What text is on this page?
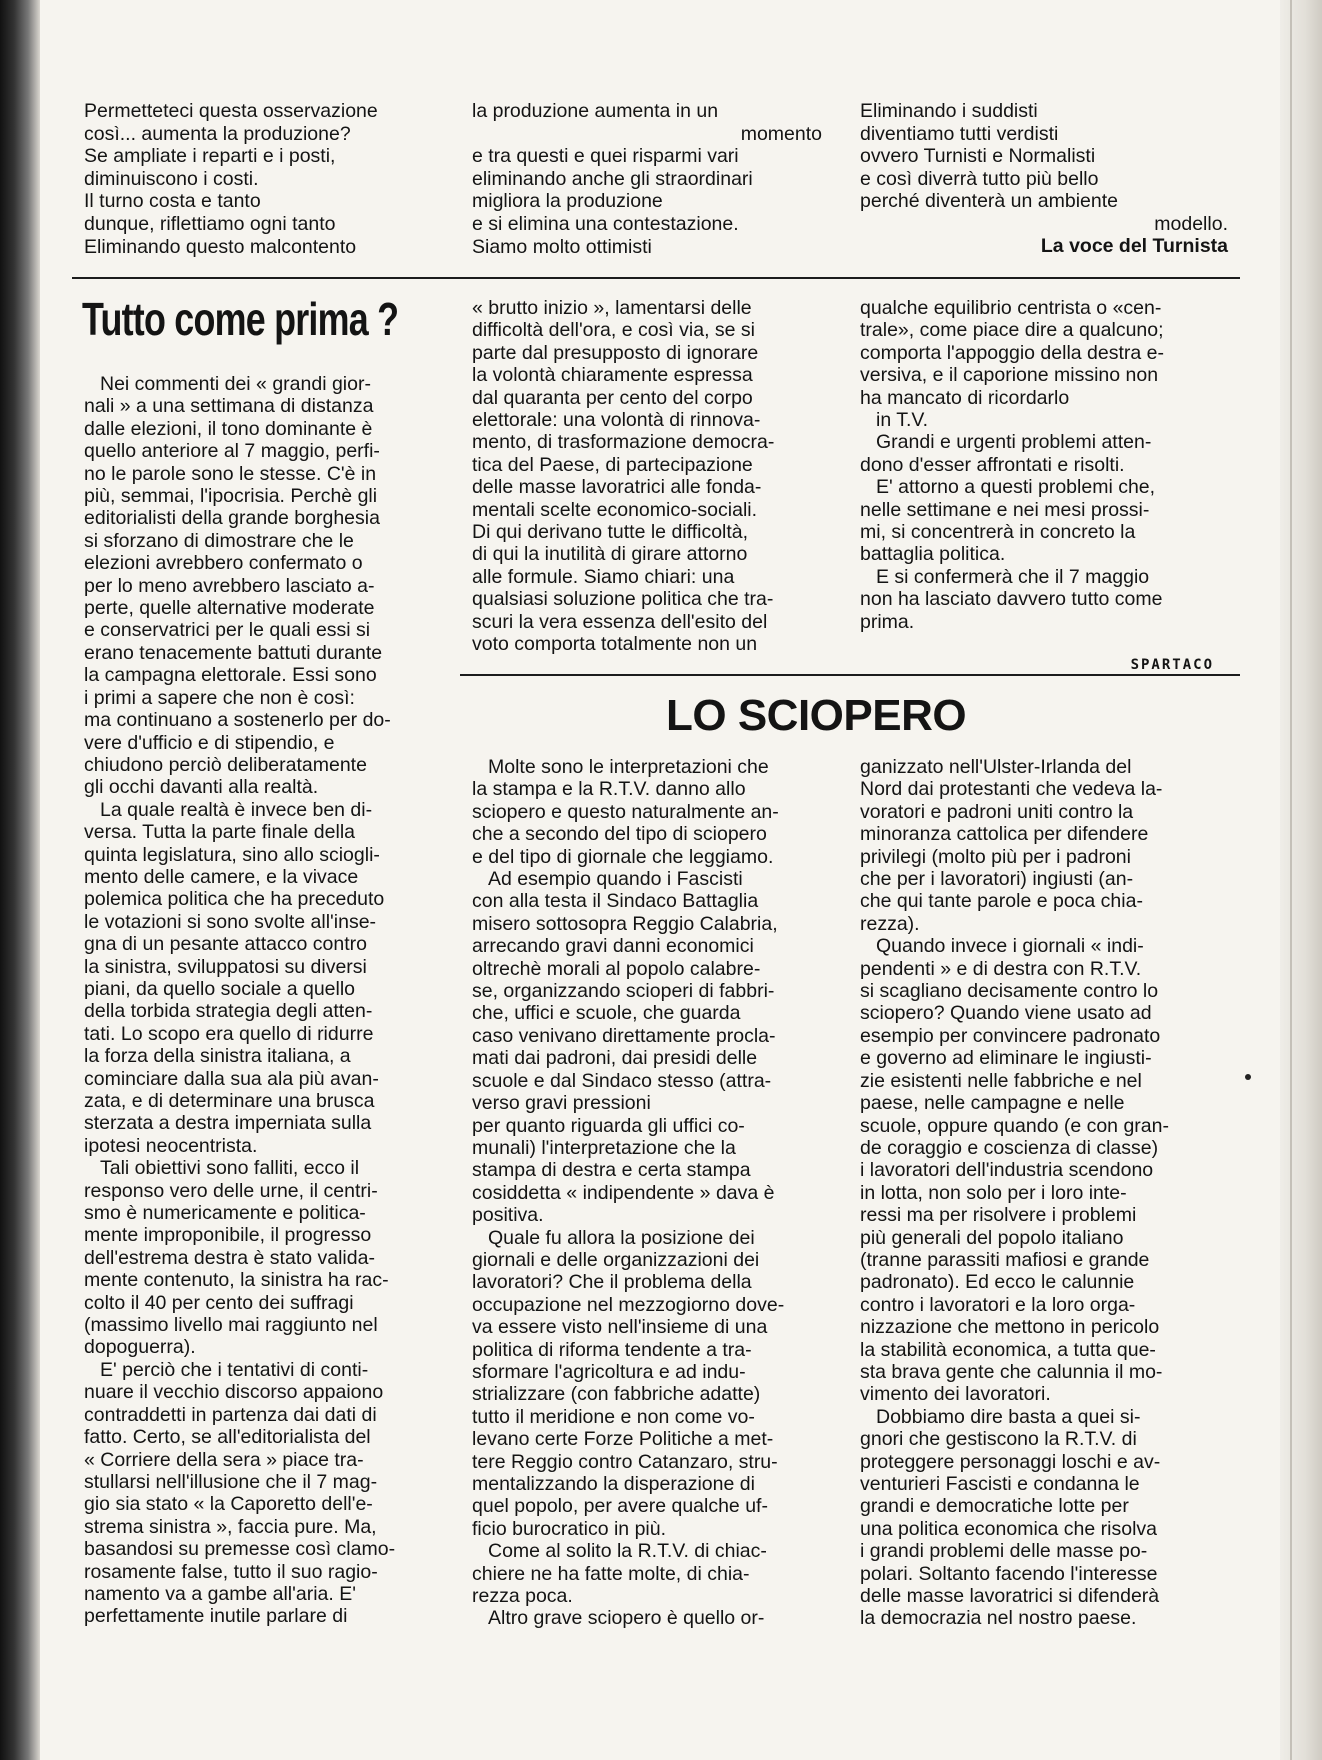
Permetteteci questa osservazione
così... aumenta la produzione?
Se ampliate i reparti e i posti,
diminuiscono i costi.
Il turno costa e tanto
dunque, riflettiamo ogni tanto
Eliminando questo malcontento
la produzione aumenta in un
momento
e tra questi e quei risparmi vari
eliminando anche gli straordinari
migliora la produzione
e si elimina una contestazione.
Siamo molto ottimisti
Eliminando i suddisti
diventiamo tutti verdisti
ovvero Turnisti e Normalisti
e così diverrà tutto più bello
perché diventerà un ambiente
modello.
La voce del Turnista
Tutto come prima ?
Nei commenti dei « grandi gior-
nali » a una settimana di distanza
dalle elezioni, il tono dominante è
quello anteriore al 7 maggio, perfi-
no le parole sono le stesse. C'è in
più, semmai, l'ipocrisia. Perchè gli
editorialisti della grande borghesia
si sforzano di dimostrare che le
elezioni avrebbero confermato o
per lo meno avrebbero lasciato a-
perte, quelle alternative moderate
e conservatrici per le quali essi si
erano tenacemente battuti durante
la campagna elettorale. Essi sono
i primi a sapere che non è così:
ma continuano a sostenerlo per do-
vere d'ufficio e di stipendio, e
chiudono perciò deliberatamente
gli occhi davanti alla realtà.
La quale realtà è invece ben di-
versa. Tutta la parte finale della
quinta legislatura, sino allo sciogli-
mento delle camere, e la vivace
polemica politica che ha preceduto
le votazioni si sono svolte all'inse-
gna di un pesante attacco contro
la sinistra, sviluppatosi su diversi
piani, da quello sociale a quello
della torbida strategia degli atten-
tati. Lo scopo era quello di ridurre
la forza della sinistra italiana, a
cominciare dalla sua ala più avan-
zata, e di determinare una brusca
sterzata a destra imperniata sulla
ipotesi neocentrista.
Tali obiettivi sono falliti, ecco il
responso vero delle urne, il centri-
smo è numericamente e politica-
mente improponibile, il progresso
dell'estrema destra è stato valida-
mente contenuto, la sinistra ha rac-
colto il 40 per cento dei suffragi
(massimo livello mai raggiunto nel
dopoguerra).
E' perciò che i tentativi di conti-
nuare il vecchio discorso appaiono
contraddetti in partenza dai dati di
fatto. Certo, se all'editorialista del
« Corriere della sera » piace tra-
stullarsi nell'illusione che il 7 mag-
gio sia stato « la Caporetto dell'e-
strema sinistra », faccia pure. Ma,
basandosi su premesse così clamo-
rosamente false, tutto il suo ragio-
namento va a gambe all'aria. E'
perfettamente inutile parlare di
« brutto inizio », lamentarsi delle
difficoltà dell'ora, e così via, se si
parte dal presupposto di ignorare
la volontà chiaramente espressa
dal quaranta per cento del corpo
elettorale: una volontà di rinnova-
mento, di trasformazione democra-
tica del Paese, di partecipazione
delle masse lavoratrici alle fonda-
mentali scelte economico-sociali.
Di qui derivano tutte le difficoltà,
di qui la inutilità di girare attorno
alle formule. Siamo chiari: una
qualsiasi soluzione politica che tra-
scuri la vera essenza dell'esito del
voto comporta totalmente non un
qualche equilibrio centrista o «cen-
trale», come piace dire a qualcuno;
comporta l'appoggio della destra e-
versiva, e il caporione missino non
ha mancato di ricordarlo
in T.V.
Grandi e urgenti problemi atten-
dono d'esser affrontati e risolti.
E' attorno a questi problemi che,
nelle settimane e nei mesi prossi-
mi, si concentrerà in concreto la
battaglia politica.
E si confermerà che il 7 maggio
non ha lasciato davvero tutto come
prima.
SPARTACO
LO SCIOPERO
Molte sono le interpretazioni che
la stampa e la R.T.V. danno allo
sciopero e questo naturalmente an-
che a secondo del tipo di sciopero
e del tipo di giornale che leggiamo.
Ad esempio quando i Fascisti
con alla testa il Sindaco Battaglia
misero sottosopra Reggio Calabria,
arrecando gravi danni economici
oltrechè morali al popolo calabre-
se, organizzando scioperi di fabbri-
che, uffici e scuole, che guarda
caso venivano direttamente procla-
mati dai padroni, dai presidi delle
scuole e dal Sindaco stesso (attra-
verso gravi pressioni
per quanto riguarda gli uffici co-
munali) l'interpretazione che la
stampa di destra e certa stampa
cosiddetta « indipendente » dava è
positiva.
Quale fu allora la posizione dei
giornali e delle organizzazioni dei
lavoratori? Che il problema della
occupazione nel mezzogiorno dove-
va essere visto nell'insieme di una
politica di riforma tendente a tra-
sformare l'agricoltura e ad indu-
strializzare (con fabbriche adatte)
tutto il meridione e non come vo-
levano certe Forze Politiche a met-
tere Reggio contro Catanzaro, stru-
mentalizzando la disperazione di
quel popolo, per avere qualche uf-
ficio burocratico in più.
Come al solito la R.T.V. di chiac-
chiere ne ha fatte molte, di chia-
rezza poca.
Altro grave sciopero è quello or-
ganizzato nell'Ulster-Irlanda del
Nord dai protestanti che vedeva la-
voratori e padroni uniti contro la
minoranza cattolica per difendere
privilegi (molto più per i padroni
che per i lavoratori) ingiusti (an-
che qui tante parole e poca chia-
rezza).
Quando invece i giornali « indi-
pendenti » e di destra con R.T.V.
si scagliano decisamente contro lo
sciopero? Quando viene usato ad
esempio per convincere padronato
e governo ad eliminare le ingiusti-
zie esistenti nelle fabbriche e nel
paese, nelle campagne e nelle
scuole, oppure quando (e con gran-
de coraggio e coscienza di classe)
i lavoratori dell'industria scendono
in lotta, non solo per i loro inte-
ressi ma per risolvere i problemi
più generali del popolo italiano
(tranne parassiti mafiosi e grande
padronato). Ed ecco le calunnie
contro i lavoratori e la loro orga-
nizzazione che mettono in pericolo
la stabilità economica, a tutta que-
sta brava gente che calunnia il mo-
vimento dei lavoratori.
Dobbiamo dire basta a quei si-
gnori che gestiscono la R.T.V. di
proteggere personaggi loschi e av-
venturieri Fascisti e condanna le
grandi e democratiche lotte per
una politica economica che risolva
i grandi problemi delle masse po-
polari. Soltanto facendo l'interesse
delle masse lavoratrici si difenderà
la democrazia nel nostro paese.
